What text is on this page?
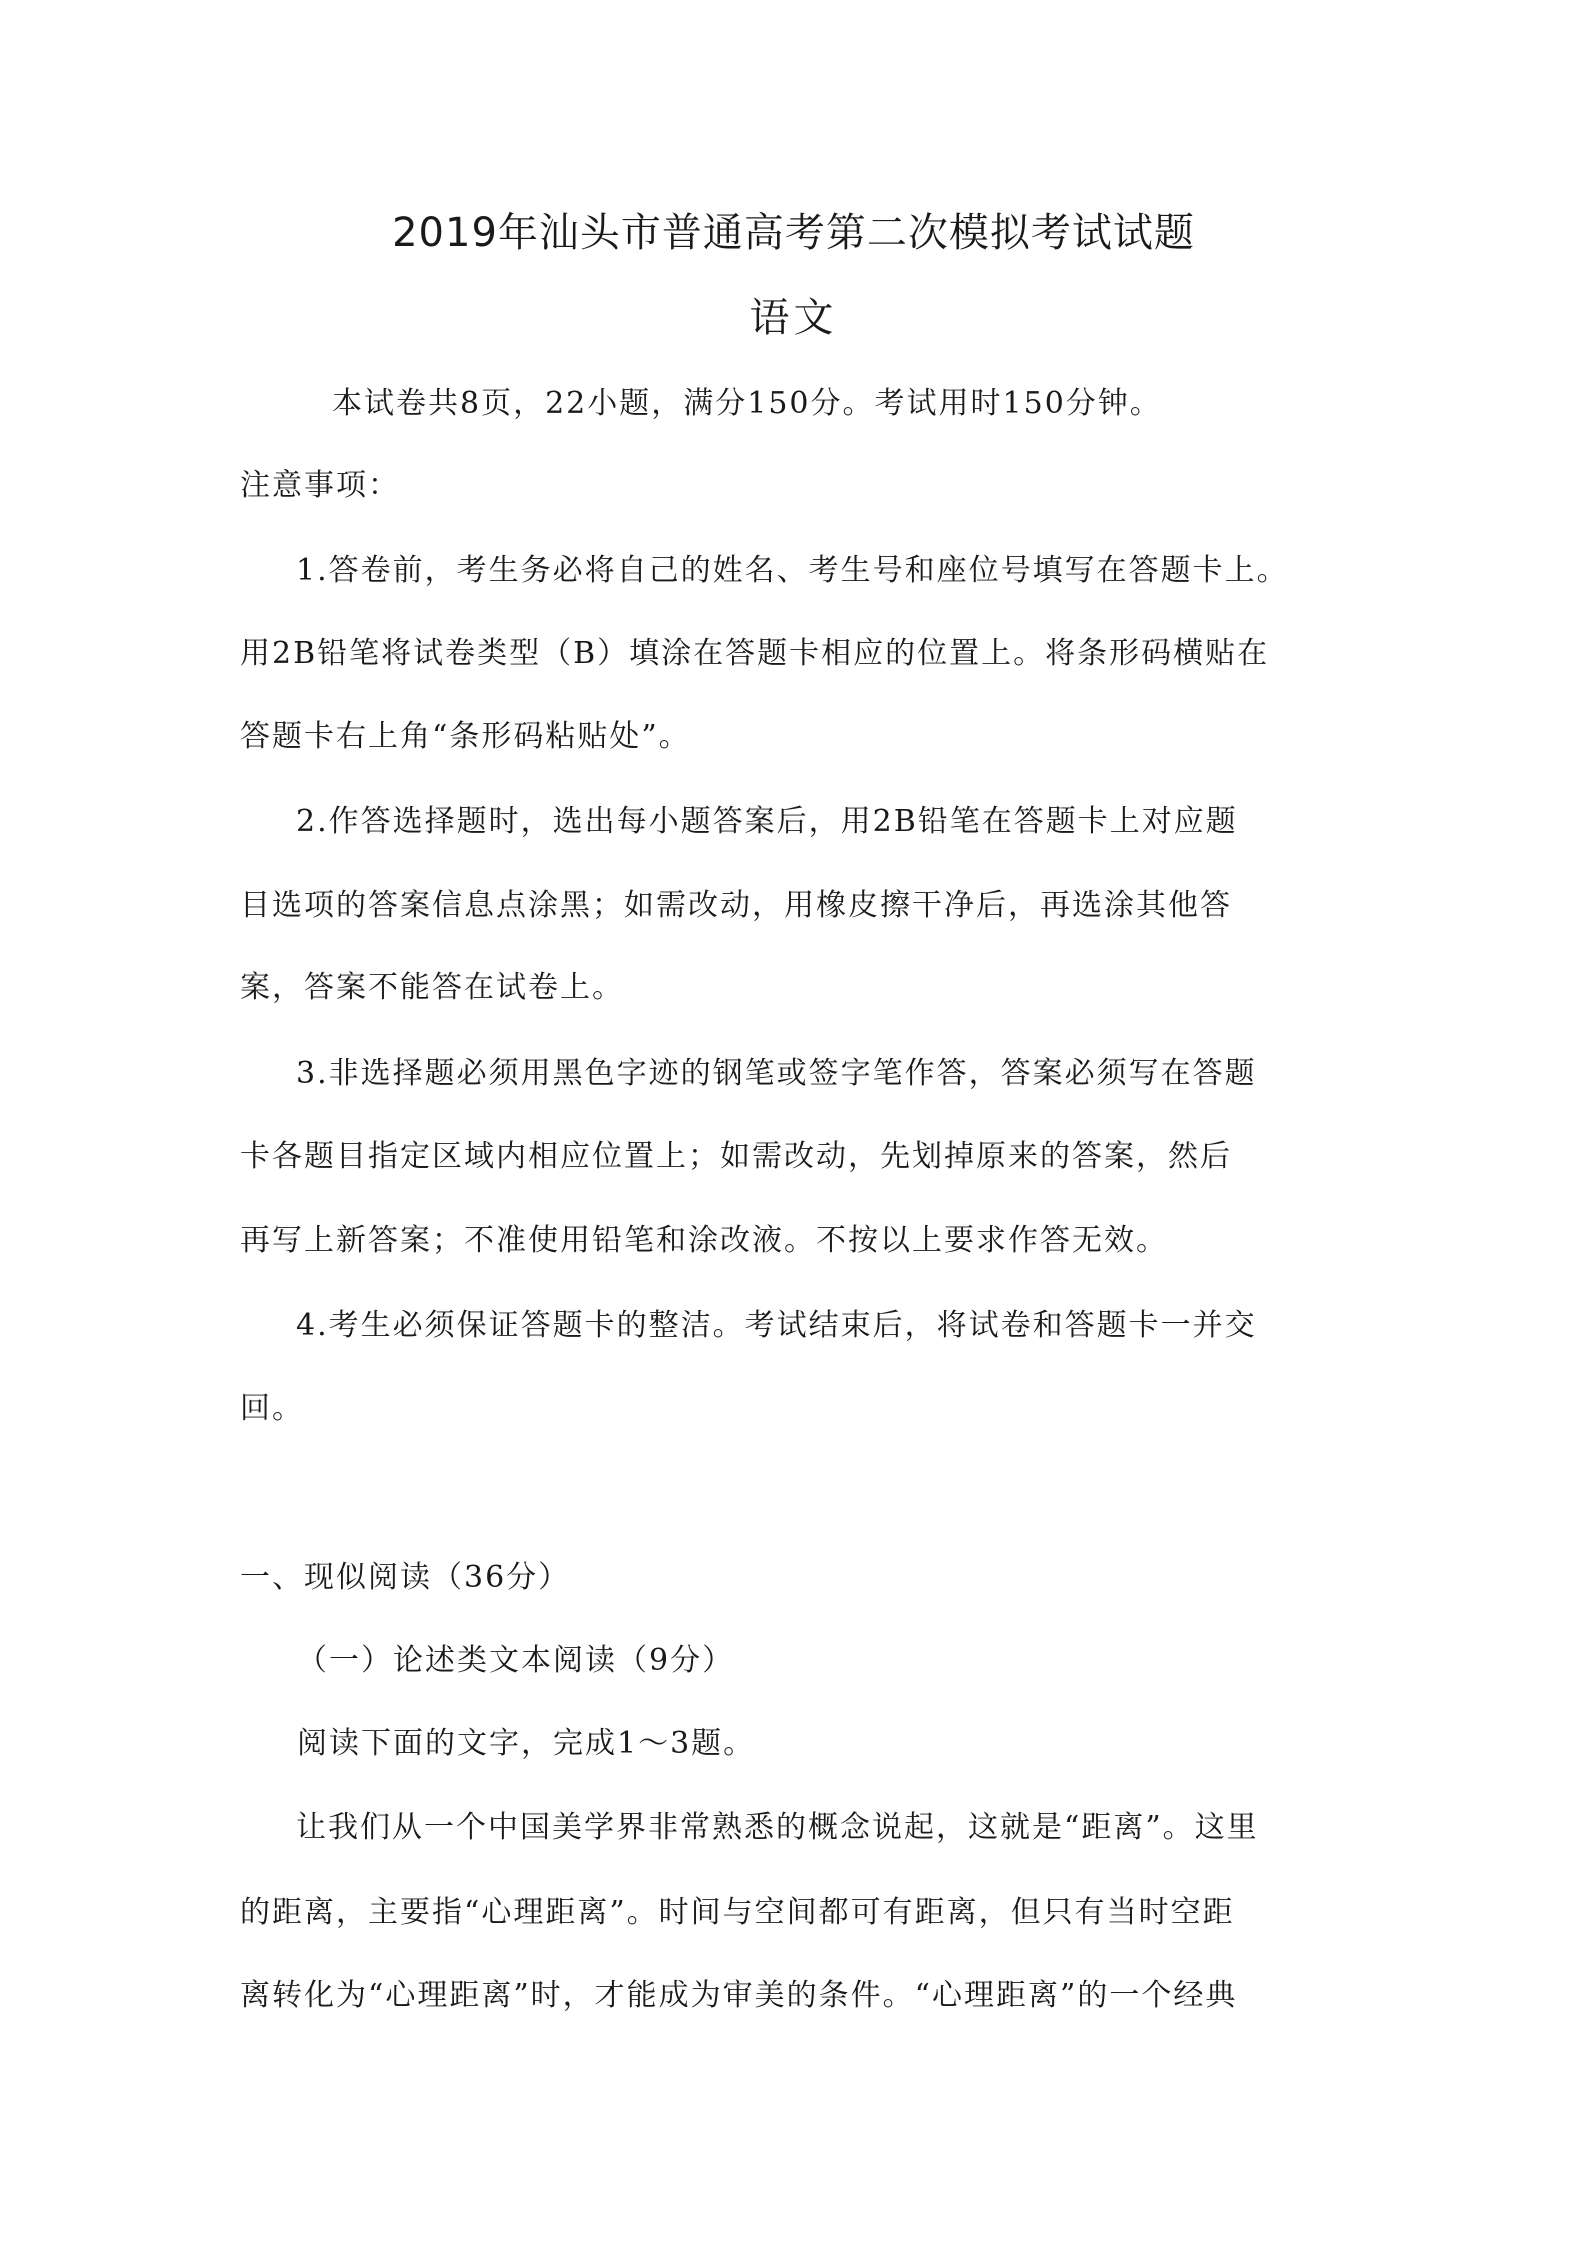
2019年汕头市普通高考第二次模拟考试试题
语文
本试卷共8页，22小题，满分150分。考试用时150分钟。
注意事项：
1.答卷前，考生务必将自己的姓名、考生号和座位号填写在答题卡上。
用2B铅笔将试卷类型（B）填涂在答题卡相应的位置上。将条形码横贴在
答题卡右上角“条形码粘贴处”。
2.作答选择题时，选出每小题答案后，用2B铅笔在答题卡上对应题
目选项的答案信息点涂黑；如需改动，用橡皮擦干净后，再选涂其他答
案，答案不能答在试卷上。
3.非选择题必须用黑色字迹的钢笔或签字笔作答，答案必须写在答题
卡各题目指定区域内相应位置上；如需改动，先划掉原来的答案，然后
再写上新答案；不准使用铅笔和涂改液。不按以上要求作答无效。
4.考生必须保证答题卡的整洁。考试结束后，将试卷和答题卡一并交
回。
一、现似阅读（36分）
（一）论述类文本阅读（9分）
阅读下面的文字，完成1～3题。
让我们从一个中国美学界非常熟悉的概念说起，这就是“距离”。这里
的距离，主要指“心理距离”。时间与空间都可有距离，但只有当时空距
离转化为“心理距离”时，才能成为审美的条件。“心理距离”的一个经典
